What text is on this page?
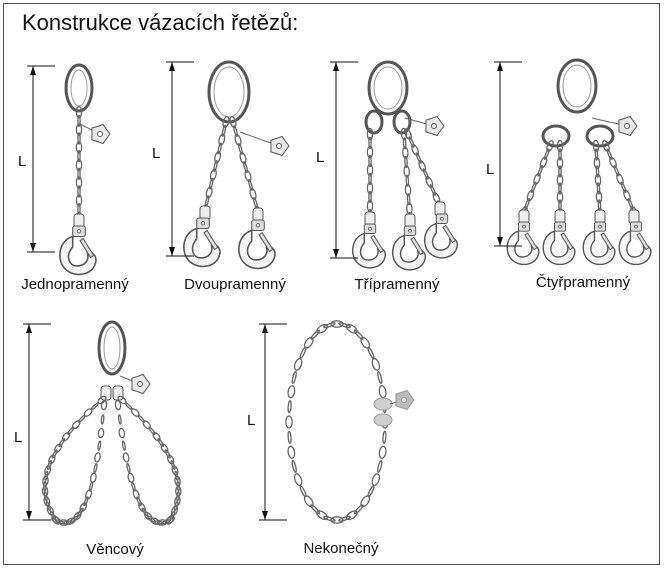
Konstrukce vázacích řetězů:
L	L	L
L
L
L
Jednopramenný	Dvoupramenný	Třípramenný	Čtyřpramenný
Věncový	Nekonečný
